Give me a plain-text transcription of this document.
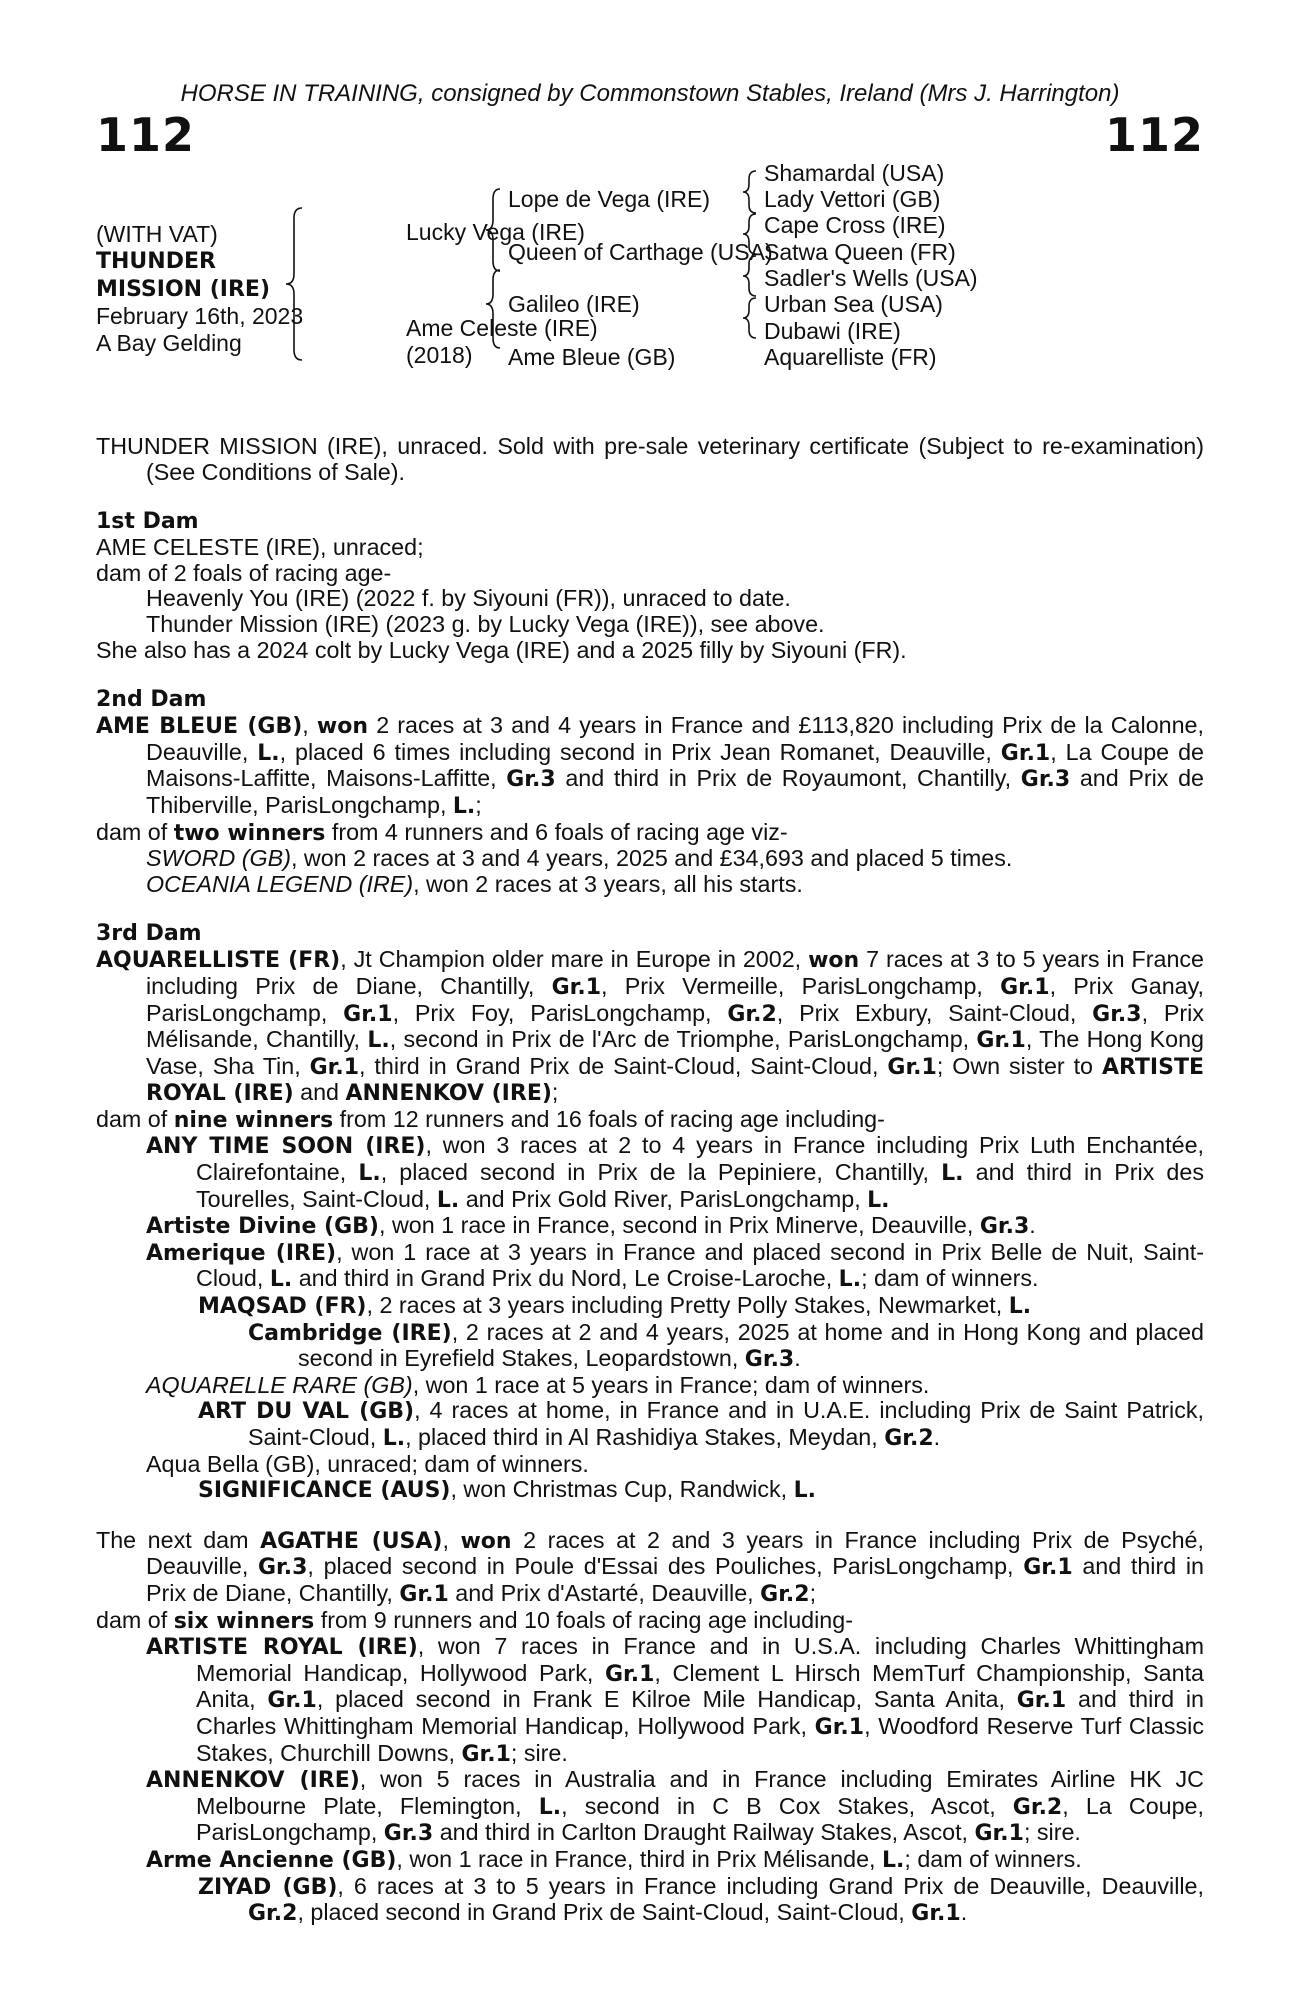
HORSE IN TRAINING, consigned by Commonstown Stables, Ireland (Mrs J. Harrington)

112	112
(WITH VAT)
THUNDER
MISSION (IRE)
February 16th, 2023
A Bay Gelding
Lucky Vega (IRE)
Ame Celeste (IRE)
(2018)
Lope de Vega (IRE)
Queen of Carthage (USA)
Galileo (IRE)
Ame Bleue (GB)
Shamardal (USA)
Lady Vettori (GB)
Cape Cross (IRE)
Satwa Queen (FR)
Sadler's Wells (USA)
Urban Sea (USA)
Dubawi (IRE)
Aquarelliste (FR)

THUNDER MISSION (IRE), unraced. Sold with pre-sale veterinary certificate (Subject to re-examination) (See Conditions of Sale).

1st Dam

AME CELESTE (IRE), unraced;

dam of 2 foals of racing age-

Heavenly You (IRE) (2022 f. by Siyouni (FR)), unraced to date.

Thunder Mission (IRE) (2023 g. by Lucky Vega (IRE)), see above.

She also has a 2024 colt by Lucky Vega (IRE) and a 2025 filly by Siyouni (FR).

2nd Dam

AME BLEUE (GB), won 2 races at 3 and 4 years in France and £113,820 including Prix de la Calonne, Deauville, L., placed 6 times including second in Prix Jean Romanet, Deauville, Gr.1, La Coupe de Maisons-Laffitte, Maisons-Laffitte, Gr.3 and third in Prix de Royaumont, Chantilly, Gr.3 and Prix de Thiberville, ParisLongchamp, L.;

dam of two winners from 4 runners and 6 foals of racing age viz-

SWORD (GB), won 2 races at 3 and 4 years, 2025 and £34,693 and placed 5 times.

OCEANIA LEGEND (IRE), won 2 races at 3 years, all his starts.

3rd Dam

AQUARELLISTE (FR), Jt Champion older mare in Europe in 2002, won 7 races at 3 to 5 years in France including Prix de Diane, Chantilly, Gr.1, Prix Vermeille, ParisLongchamp, Gr.1, Prix Ganay, ParisLongchamp, Gr.1, Prix Foy, ParisLongchamp, Gr.2, Prix Exbury, Saint-Cloud, Gr.3, Prix Mélisande, Chantilly, L., second in Prix de l'Arc de Triomphe, ParisLongchamp, Gr.1, The Hong Kong Vase, Sha Tin, Gr.1, third in Grand Prix de Saint-Cloud, Saint-Cloud, Gr.1; Own sister to ARTISTE ROYAL (IRE) and ANNENKOV (IRE);

dam of nine winners from 12 runners and 16 foals of racing age including-

ANY TIME SOON (IRE), won 3 races at 2 to 4 years in France including Prix Luth Enchantée, Clairefontaine, L., placed second in Prix de la Pepiniere, Chantilly, L. and third in Prix des Tourelles, Saint-Cloud, L. and Prix Gold River, ParisLongchamp, L.

Artiste Divine (GB), won 1 race in France, second in Prix Minerve, Deauville, Gr.3.

Amerique (IRE), won 1 race at 3 years in France and placed second in Prix Belle de Nuit, Saint-Cloud, L. and third in Grand Prix du Nord, Le Croise-Laroche, L.; dam of winners.

MAQSAD (FR), 2 races at 3 years including Pretty Polly Stakes, Newmarket, L.

Cambridge (IRE), 2 races at 2 and 4 years, 2025 at home and in Hong Kong and placed second in Eyrefield Stakes, Leopardstown, Gr.3.

AQUARELLE RARE (GB), won 1 race at 5 years in France; dam of winners.

ART DU VAL (GB), 4 races at home, in France and in U.A.E. including Prix de Saint Patrick, Saint-Cloud, L., placed third in Al Rashidiya Stakes, Meydan, Gr.2.

Aqua Bella (GB), unraced; dam of winners.

SIGNIFICANCE (AUS), won Christmas Cup, Randwick, L.

The next dam AGATHE (USA), won 2 races at 2 and 3 years in France including Prix de Psyché, Deauville, Gr.3, placed second in Poule d'Essai des Pouliches, ParisLongchamp, Gr.1 and third in Prix de Diane, Chantilly, Gr.1 and Prix d'Astarté, Deauville, Gr.2;

dam of six winners from 9 runners and 10 foals of racing age including-

ARTISTE ROYAL (IRE), won 7 races in France and in U.S.A. including Charles Whittingham Memorial Handicap, Hollywood Park, Gr.1, Clement L Hirsch MemTurf Championship, Santa Anita, Gr.1, placed second in Frank E Kilroe Mile Handicap, Santa Anita, Gr.1 and third in Charles Whittingham Memorial Handicap, Hollywood Park, Gr.1, Woodford Reserve Turf Classic Stakes, Churchill Downs, Gr.1; sire.

ANNENKOV (IRE), won 5 races in Australia and in France including Emirates Airline HK JC Melbourne Plate, Flemington, L., second in C B Cox Stakes, Ascot, Gr.2, La Coupe, ParisLongchamp, Gr.3 and third in Carlton Draught Railway Stakes, Ascot, Gr.1; sire.

Arme Ancienne (GB), won 1 race in France, third in Prix Mélisande, L.; dam of winners.

ZIYAD (GB), 6 races at 3 to 5 years in France including Grand Prix de Deauville, Deauville, Gr.2, placed second in Grand Prix de Saint-Cloud, Saint-Cloud, Gr.1.
